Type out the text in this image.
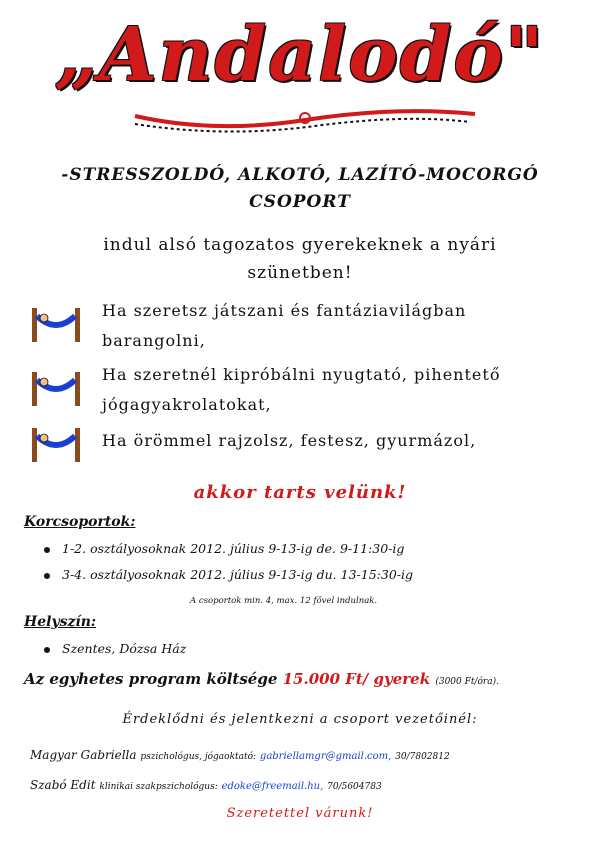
„Andalodó"
-STRESSZOLDÓ, ALKOTÓ, LAZÍTÓ-MOCORGÓ
CSOPORT
indul alsó tagozatos gyerekeknek a nyári
szünetben!
Ha szeretsz játszani és fantáziavilágban
barangolni,
Ha szeretnél kipróbálni nyugtató, pihentető
jógagyakrolatokat,
Ha örömmel rajzolsz, festesz, gyurmázol,
akkor tarts velünk!
Korcsoportok:
1-2. osztályosoknak 2012. július 9-13-ig de. 9-11:30-ig
3-4. osztályosoknak 2012. július 9-13-ig du. 13-15:30-ig
A csoportok min. 4, max. 12 fővel indulnak.
Helyszín:
Szentes, Dózsa Ház
Az egyhetes program költsége 15.000 Ft/ gyerek (3000 Ft/óra).
Érdeklődni és jelentkezni a csoport vezetőinél:
Magyar Gabriella pszichológus, jógaoktató: gabriellamgr@gmail.com, 30/7802812
Szabó Edit klinikai szakpszichológus: edoke@freemail.hu, 70/5604783
Szeretettel várunk!
